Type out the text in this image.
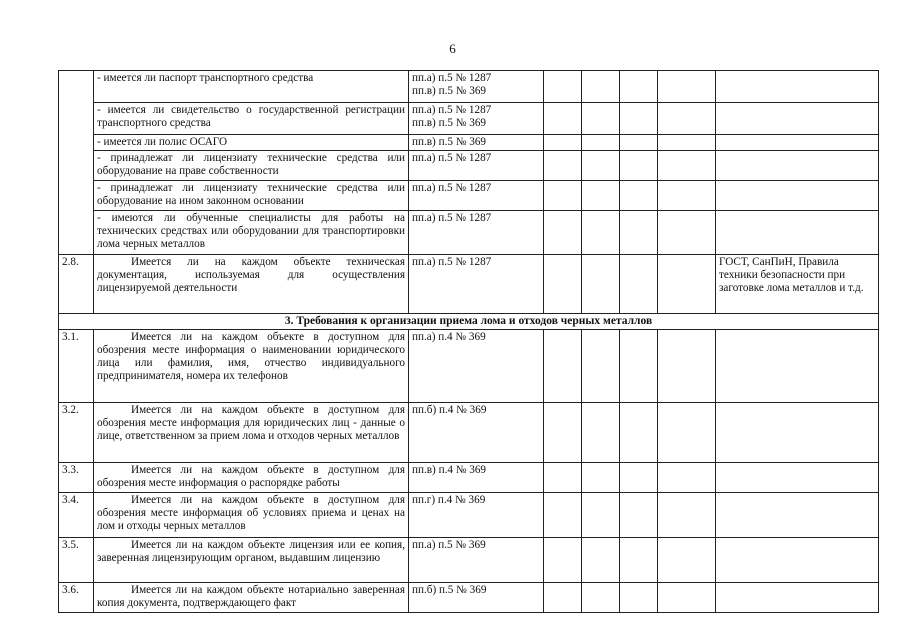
6
	- имеется ли паспорт транспортного средства	пп.а) п.5 № 1287
пп.в) п.5 № 369					

	- имеется ли свидетельство о государственной регистрации транспортного средства	пп.а) п.5 № 1287
пп.в) п.5 № 369					

	- имеется ли полис ОСАГО	пп.в) п.5 № 369					

	- принадлежат ли лицензиату технические средства или оборудование на праве собственности	пп.а) п.5 № 1287					

	- принадлежат ли лицензиату технические средства или оборудование на ином законном основании	пп.а) п.5 № 1287					

	- имеются ли обученные специалисты для работы на технических средствах или оборудовании для транспортировки лома черных металлов	пп.а) п.5 № 1287					

2.8.	Имеется ли на каждом объекте техническая документация, используемая для осуществления лицензируемой деятельности	пп.а) п.5 № 1287					ГОСТ, СанПиН, Правила техники безопасности при заготовке лома металлов и т.д.
3. Требования к организации приема лома и отходов черных металлов							
3.1.	Имеется ли на каждом объекте в доступном для обозрения месте информация о наименовании юридического лица или фамилия, имя, отчество индивидуального предпринимателя, номера их телефонов	пп.а) п.4 № 369					

3.2.	Имеется ли на каждом объекте в доступном для обозрения месте информация для юридических лиц - данные о лице, ответственном за прием лома и отходов черных металлов	пп.б) п.4 № 369					

3.3.	Имеется ли на каждом объекте в доступном для обозрения месте информация о распорядке работы	пп.в) п.4 № 369					

3.4.	Имеется ли на каждом объекте в доступном для обозрения месте информация об условиях приема и ценах на лом и отходы черных металлов	пп.г) п.4 № 369					

3.5.	Имеется ли на каждом объекте лицензия или ее копия, заверенная лицензирующим органом, выдавшим лицензию	пп.а) п.5 № 369					

3.6.	Имеется ли на каждом объекте нотариально заверенная копия документа, подтверждающего факт	пп.б) п.5 № 369					
